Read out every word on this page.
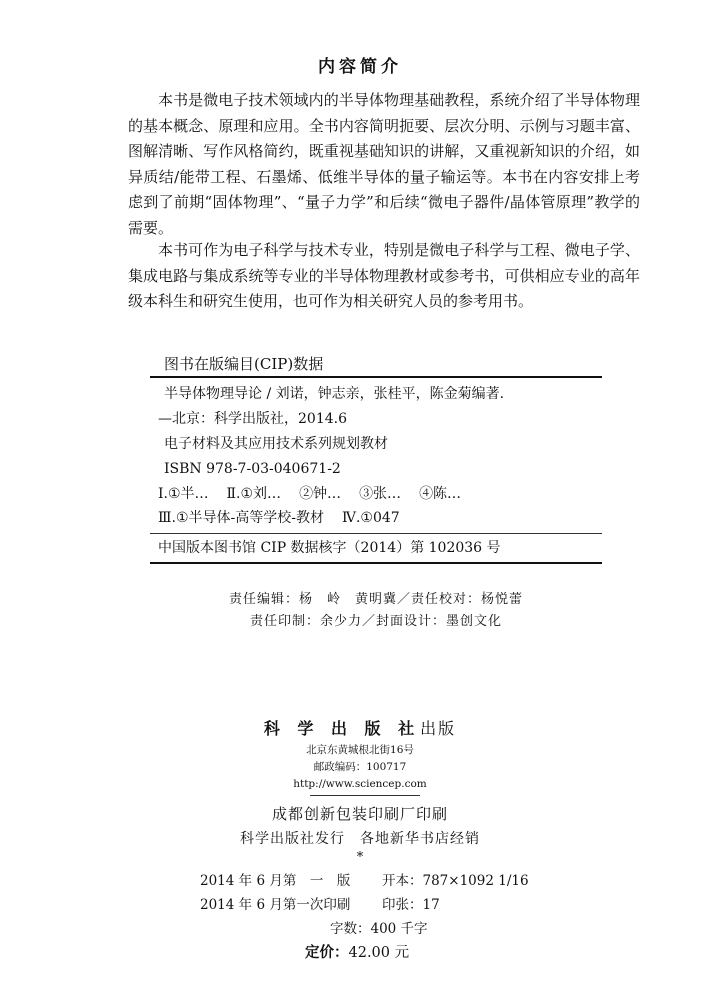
内容简介
本书是微电子技术领域内的半导体物理基础教程，系统介绍了半导体物理的基本概念、原理和应用。全书内容简明扼要、层次分明、示例与习题丰富、图解清晰、写作风格简约，既重视基础知识的讲解，又重视新知识的介绍，如异质结/能带工程、石墨烯、低维半导体的量子输运等。本书在内容安排上考虑到了前期“固体物理”、“量子力学”和后续“微电子器件/晶体管原理”教学的需要。
本书可作为电子科学与技术专业，特别是微电子科学与工程、微电子学、集成电路与集成系统等专业的半导体物理教材或参考书，可供相应专业的高年级本科生和研究生使用，也可作为相关研究人员的参考用书。
图书在版编目(CIP)数据
半导体物理导论 / 刘诺，钟志亲，张桂平，陈金菊编著.
—北京：科学出版社，2014.6
电子材料及其应用技术系列规划教材
ISBN 978-7-03-040671-2
Ⅰ.①半… Ⅱ.①刘… ②钟… ③张… ④陈…
Ⅲ.①半导体-高等学校-教材 Ⅳ.①047
中国版本图书馆 CIP 数据核字（2014）第 102036 号
责任编辑：杨　岭　黄明冀／责任校对：杨悦蕾
责任印制：余少力／封面设计：墨创文化
科 学 出 版 社出版
北京东黄城根北街16号
邮政编码：100717
http://www.sciencep.com
成都创新包装印刷厂印刷
科学出版社发行　各地新华书店经销
*
2014 年 6 月第　一　版 开本：787×1092 1/16
2014 年 6 月第一次印刷 印张：17
字数：400 千字
定价：42.00 元
